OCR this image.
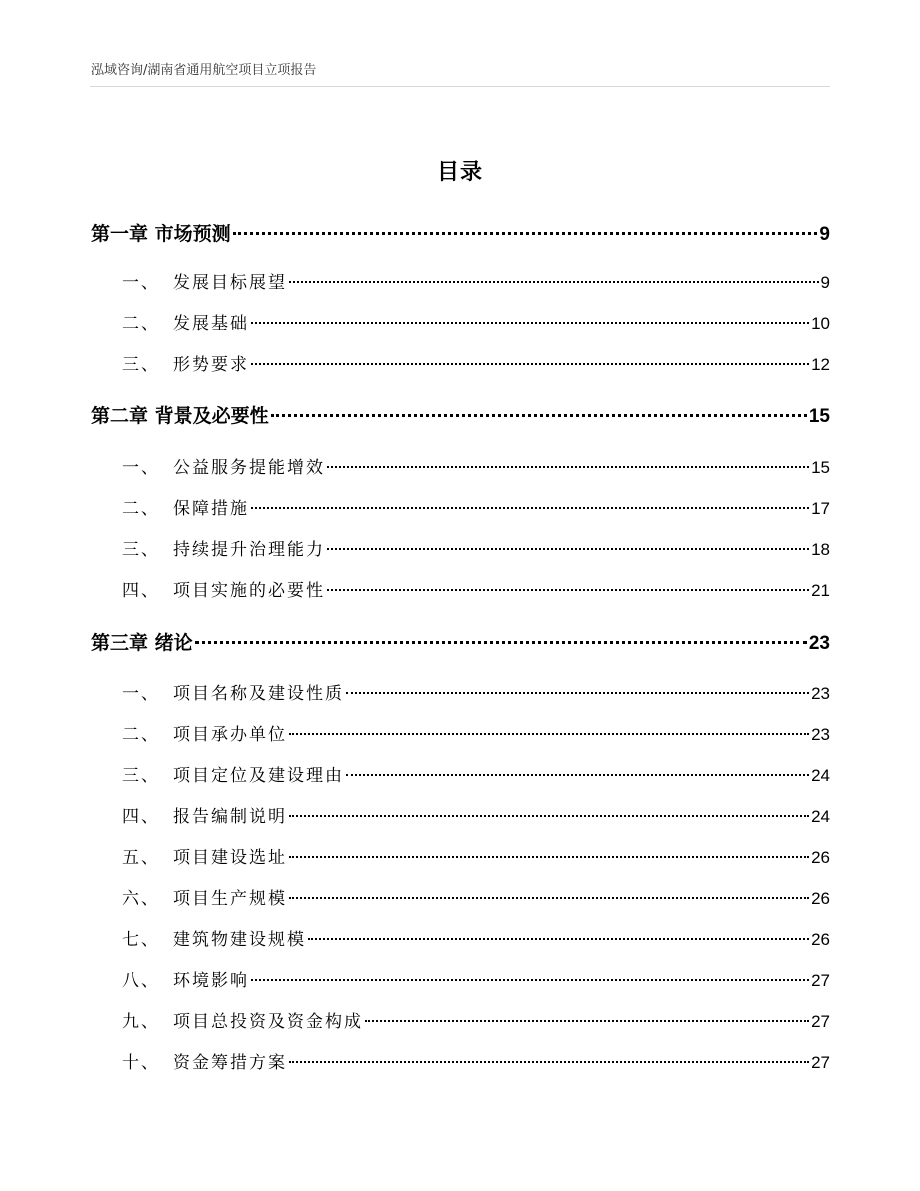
泓域咨询/湖南省通用航空项目立项报告
目录
第一章 市场预测	9
一、 发展目标展望	9
二、 发展基础	10
三、 形势要求	12
第二章 背景及必要性	15
一、 公益服务提能增效	15
二、 保障措施	17
三、 持续提升治理能力	18
四、 项目实施的必要性	21
第三章 绪论	23
一、 项目名称及建设性质	23
二、 项目承办单位	23
三、 项目定位及建设理由	24
四、 报告编制说明	24
五、 项目建设选址	26
六、 项目生产规模	26
七、 建筑物建设规模	26
八、 环境影响	27
九、 项目总投资及资金构成	27
十、 资金筹措方案	27
